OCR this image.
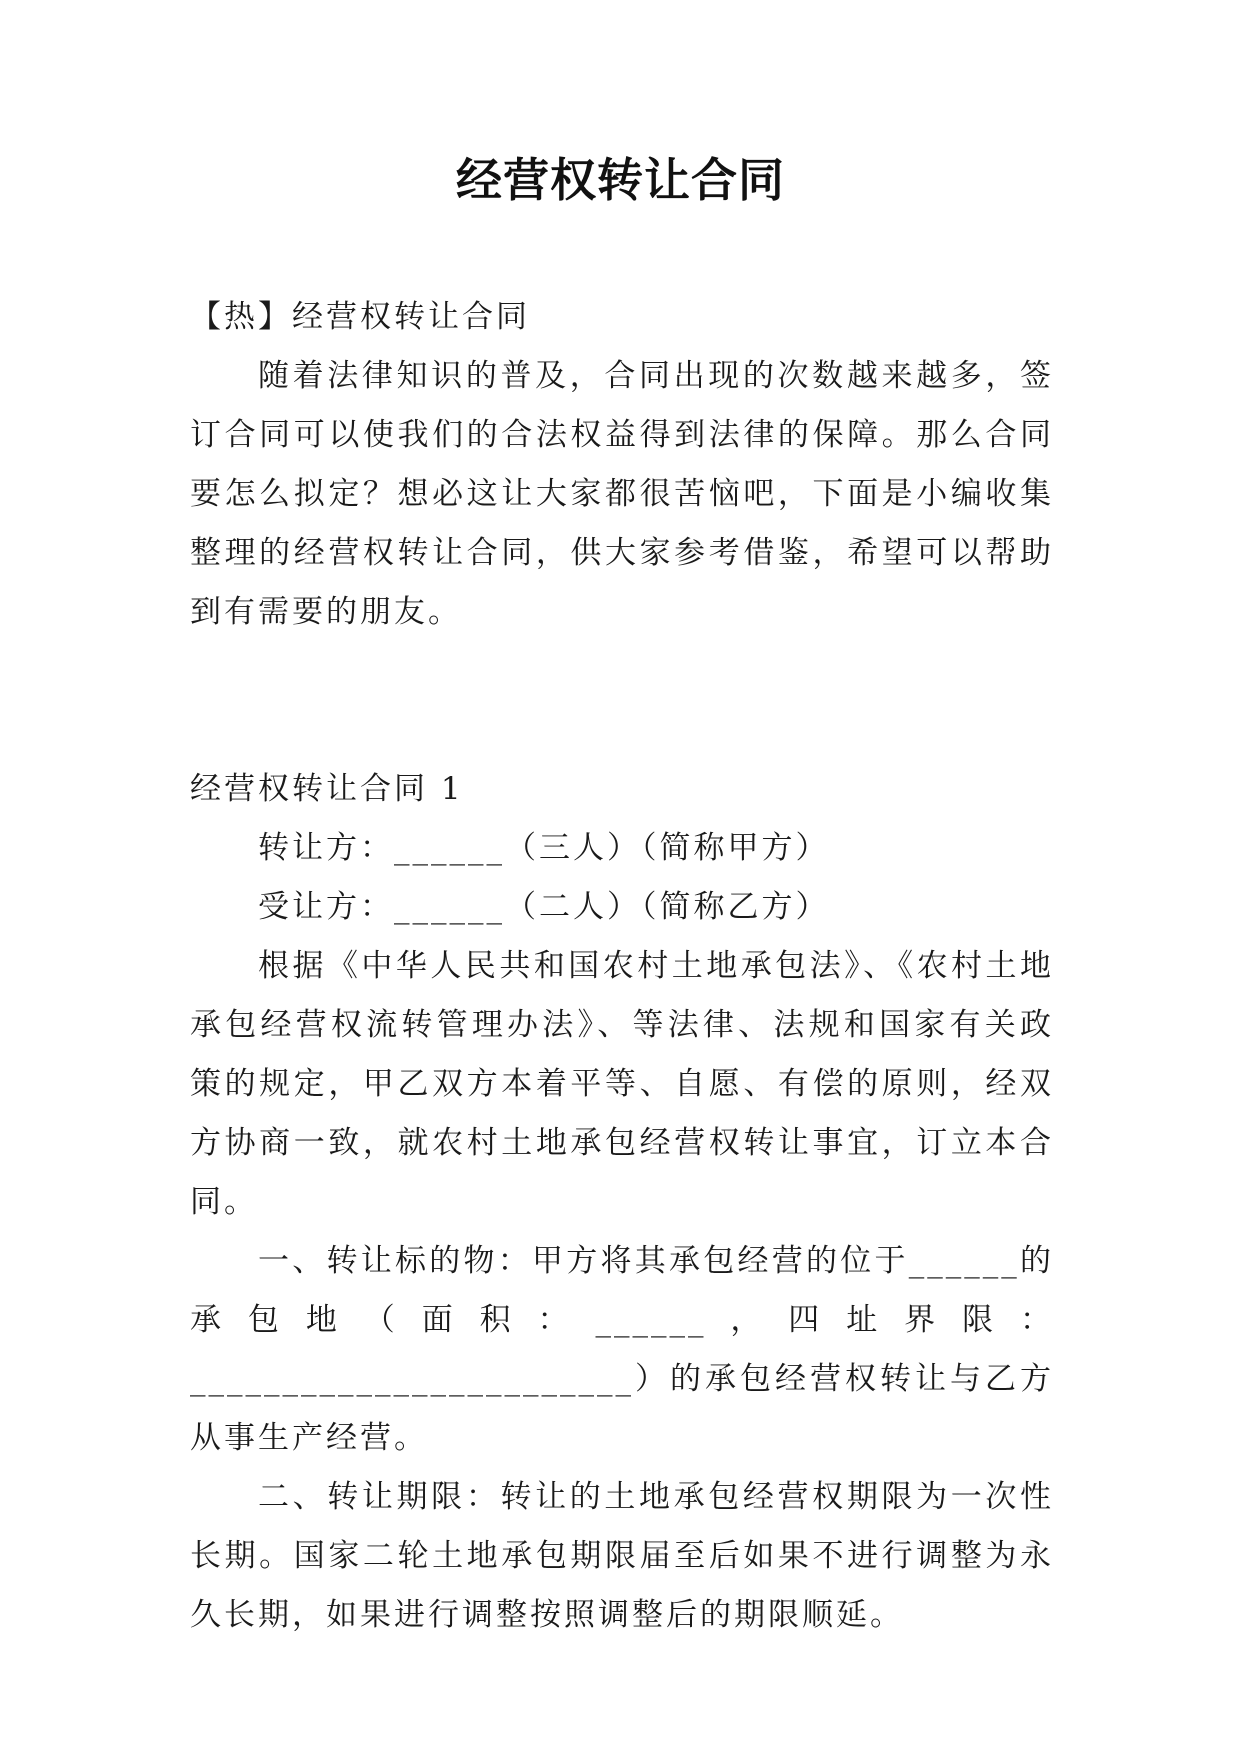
经营权转让合同

【热】经营权转让合同

随着法律知识的普及，合同出现的次数越来越多，签订合同可以使我们的合法权益得到法律的保障。那么合同要怎么拟定？想必这让大家都很苦恼吧，下面是小编收集整理的经营权转让合同，供大家参考借鉴，希望可以帮助到有需要的朋友。

经营权转让合同 1

转让方：______（三人）（简称甲方）

受让方：______（二人）（简称乙方）

根据《中华人民共和国农村土地承包法》、《农村土地承包经营权流转管理办法》、等法律、法规和国家有关政策的规定，甲乙双方本着平等、自愿、有偿的原则，经双方协商一致，就农村土地承包经营权转让事宜，订立本合同。

一、转让标的物：甲方将其承包经营的位于______的承包地（面积：______，四址界限：________________________）的承包经营权转让与乙方从事生产经营。

二、转让期限：转让的土地承包经营权期限为一次性长期。国家二轮土地承包期限届至后如果不进行调整为永久长期，如果进行调整按照调整后的期限顺延。
